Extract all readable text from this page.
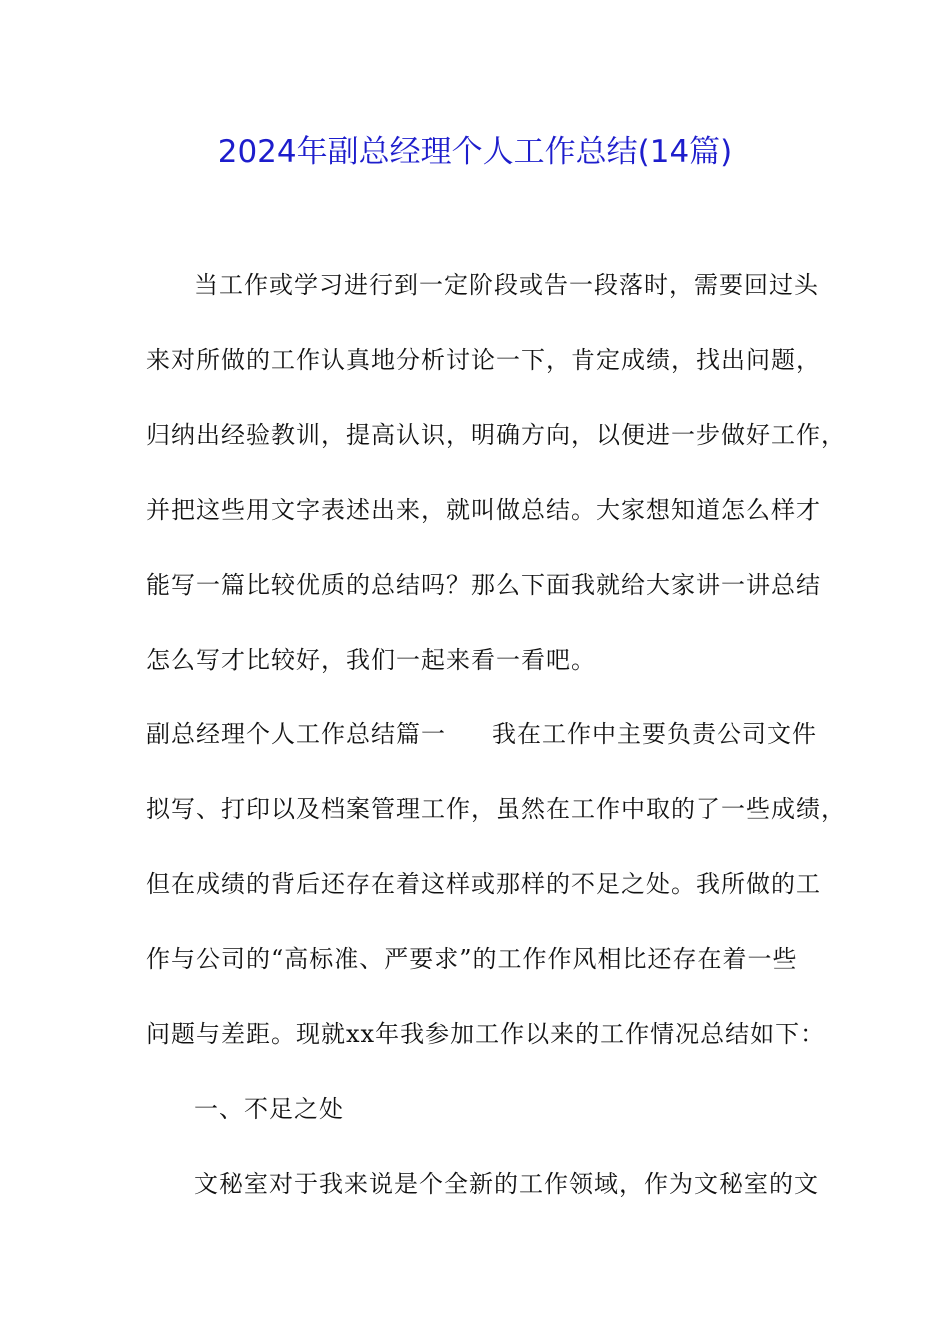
2024年副总经理个人工作总结(14篇)
当工作或学习进行到一定阶段或告一段落时，需要回过头
来对所做的工作认真地分析讨论一下，肯定成绩，找出问题，
归纳出经验教训，提高认识，明确方向，以便进一步做好工作，
并把这些用文字表述出来，就叫做总结。大家想知道怎么样才
能写一篇比较优质的总结吗？那么下面我就给大家讲一讲总结
怎么写才比较好，我们一起来看一看吧。
副总经理个人工作总结篇一 我在工作中主要负责公司文件
拟写、打印以及档案管理工作，虽然在工作中取的了一些成绩，
但在成绩的背后还存在着这样或那样的不足之处。我所做的工
作与公司的“高标准、严要求”的工作作风相比还存在着一些
问题与差距。现就xx年我参加工作以来的工作情况总结如下：
一、不足之处
文秘室对于我来说是个全新的工作领域，作为文秘室的文
